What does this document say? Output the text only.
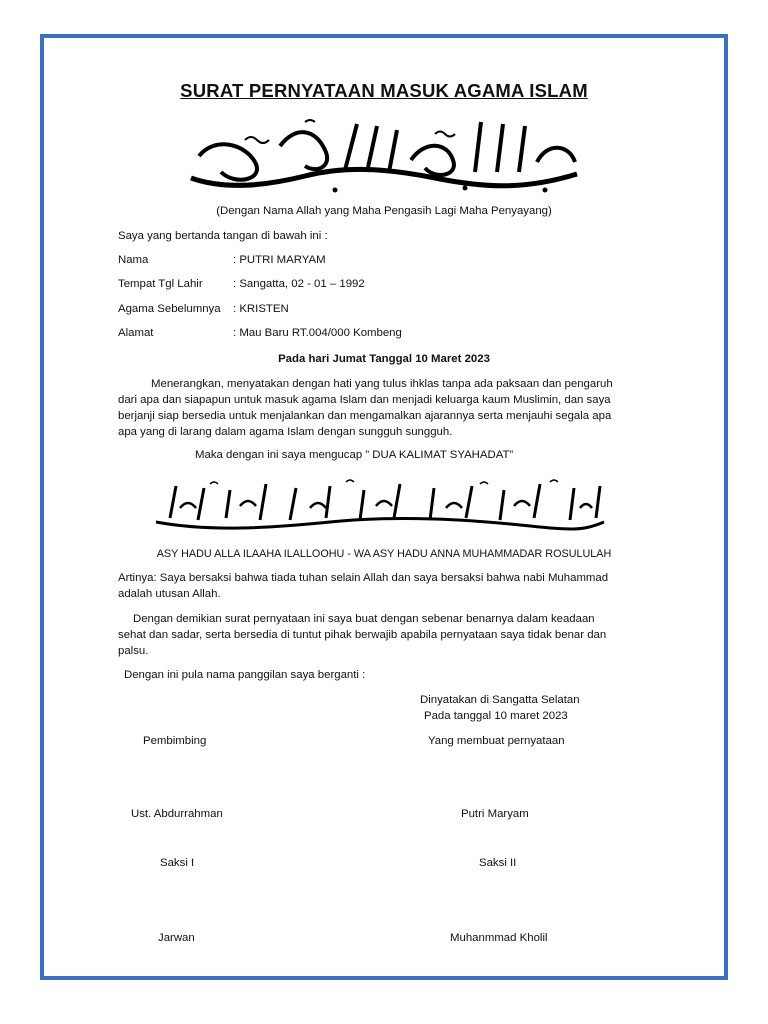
SURAT PERNYATAAN MASUK AGAMA ISLAM
(Dengan Nama Allah yang Maha Pengasih Lagi Maha Penyayang)
Saya yang bertanda tangan di bawah ini :
Nama	: PUTRI MARYAM
Tempat Tgl Lahir	: Sangatta, 02 - 01 – 1992
Agama Sebelumnya : KRISTEN
Alamat	: Mau Baru RT.004/000 Kombeng
Pada hari Jumat Tanggal 10 Maret 2023
Menerangkan, menyatakan dengan hati yang tulus ihklas tanpa ada paksaan dan pengaruh
dari apa dan siapapun untuk masuk agama Islam dan menjadi keluarga kaum Muslimin, dan saya
berjanji siap bersedia untuk menjalankan dan mengamalkan ajarannya serta menjauhi segala apa
apa yang di larang dalam agama Islam dengan sungguh sungguh.
Maka dengan ini saya mengucap ” DUA KALIMAT SYAHADAT”
ASY HADU ALLA ILAAHA ILALLOOHU - WA ASY HADU ANNA MUHAMMADAR ROSULULAH
Artinya: Saya bersaksi bahwa tiada tuhan selain Allah dan saya bersaksi bahwa nabi Muhammad
adalah utusan Allah.
Dengan demikian surat pernyataan ini saya buat dengan sebenar benarnya dalam keadaan
sehat dan sadar, serta bersedia di tuntut pihak berwajib apabila pernyataan saya tidak benar dan
palsu.
Dengan ini pula nama panggilan saya berganti :
Dinyatakan di Sangatta Selatan
Pada tanggal 10 maret 2023
Pembimbing	Yang membuat pernyataan
Ust. Abdurrahman	Putri Maryam
Saksi I	Saksi II
Jarwan	Muhanmmad Kholil
